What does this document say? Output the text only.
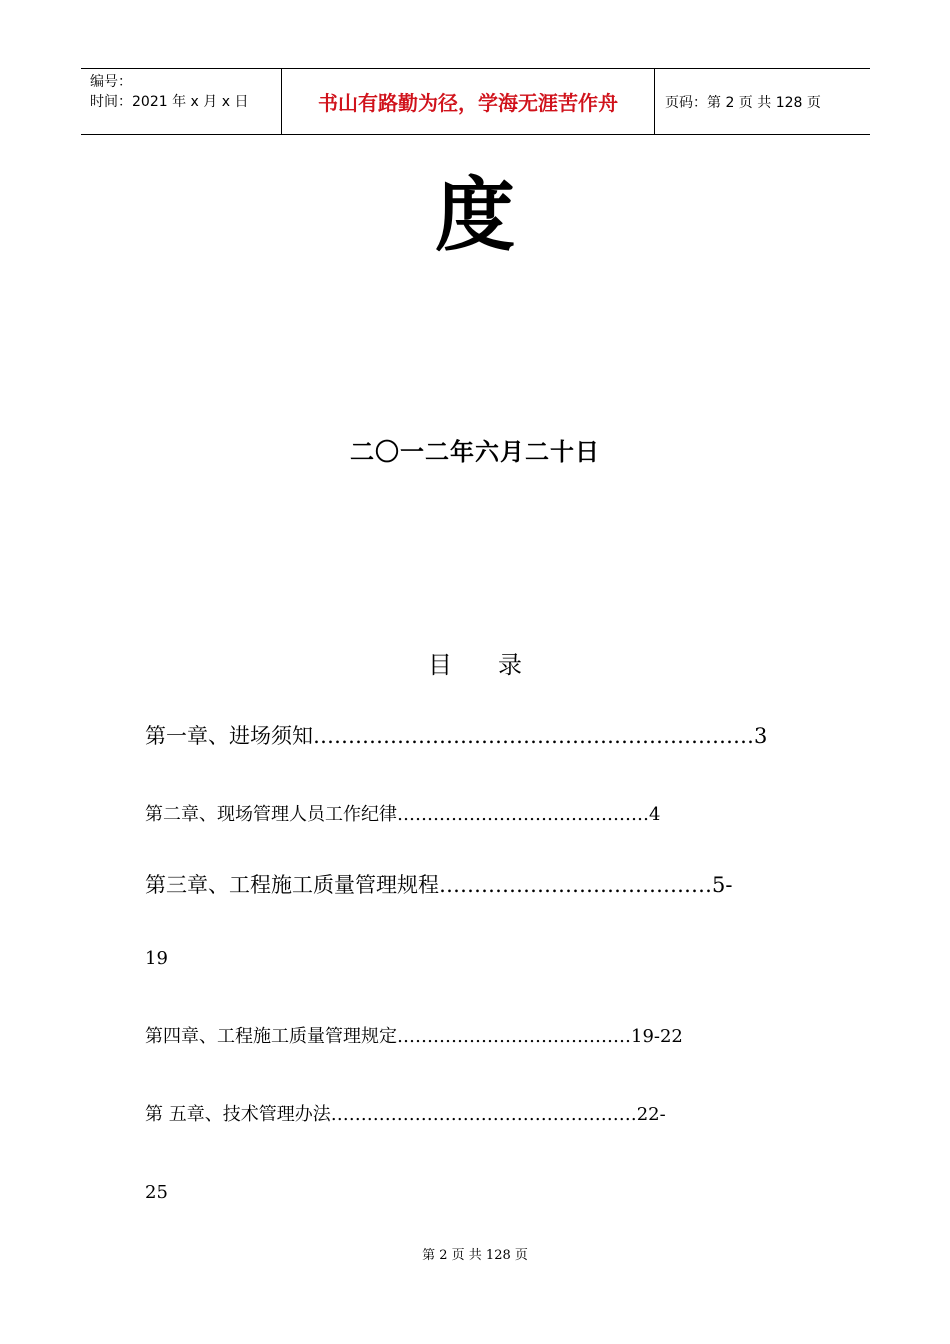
编号：
时间：2021 年 x 月 x 日	书山有路勤为径，学海无涯苦作舟	页码：第 2 页 共 128 页
度
二〇一二年六月二十日
目 录
第一章、进场须知………………………………………………………3
第二章、现场管理人员工作纪律……………………………………4
第三章、工程施工质量管理规程…………………………………5-
19
第四章、工程施工质量管理规定…………………………………19-22
第 五章、技术管理办法……………………………………………22-
25
第 2 页 共 128 页
